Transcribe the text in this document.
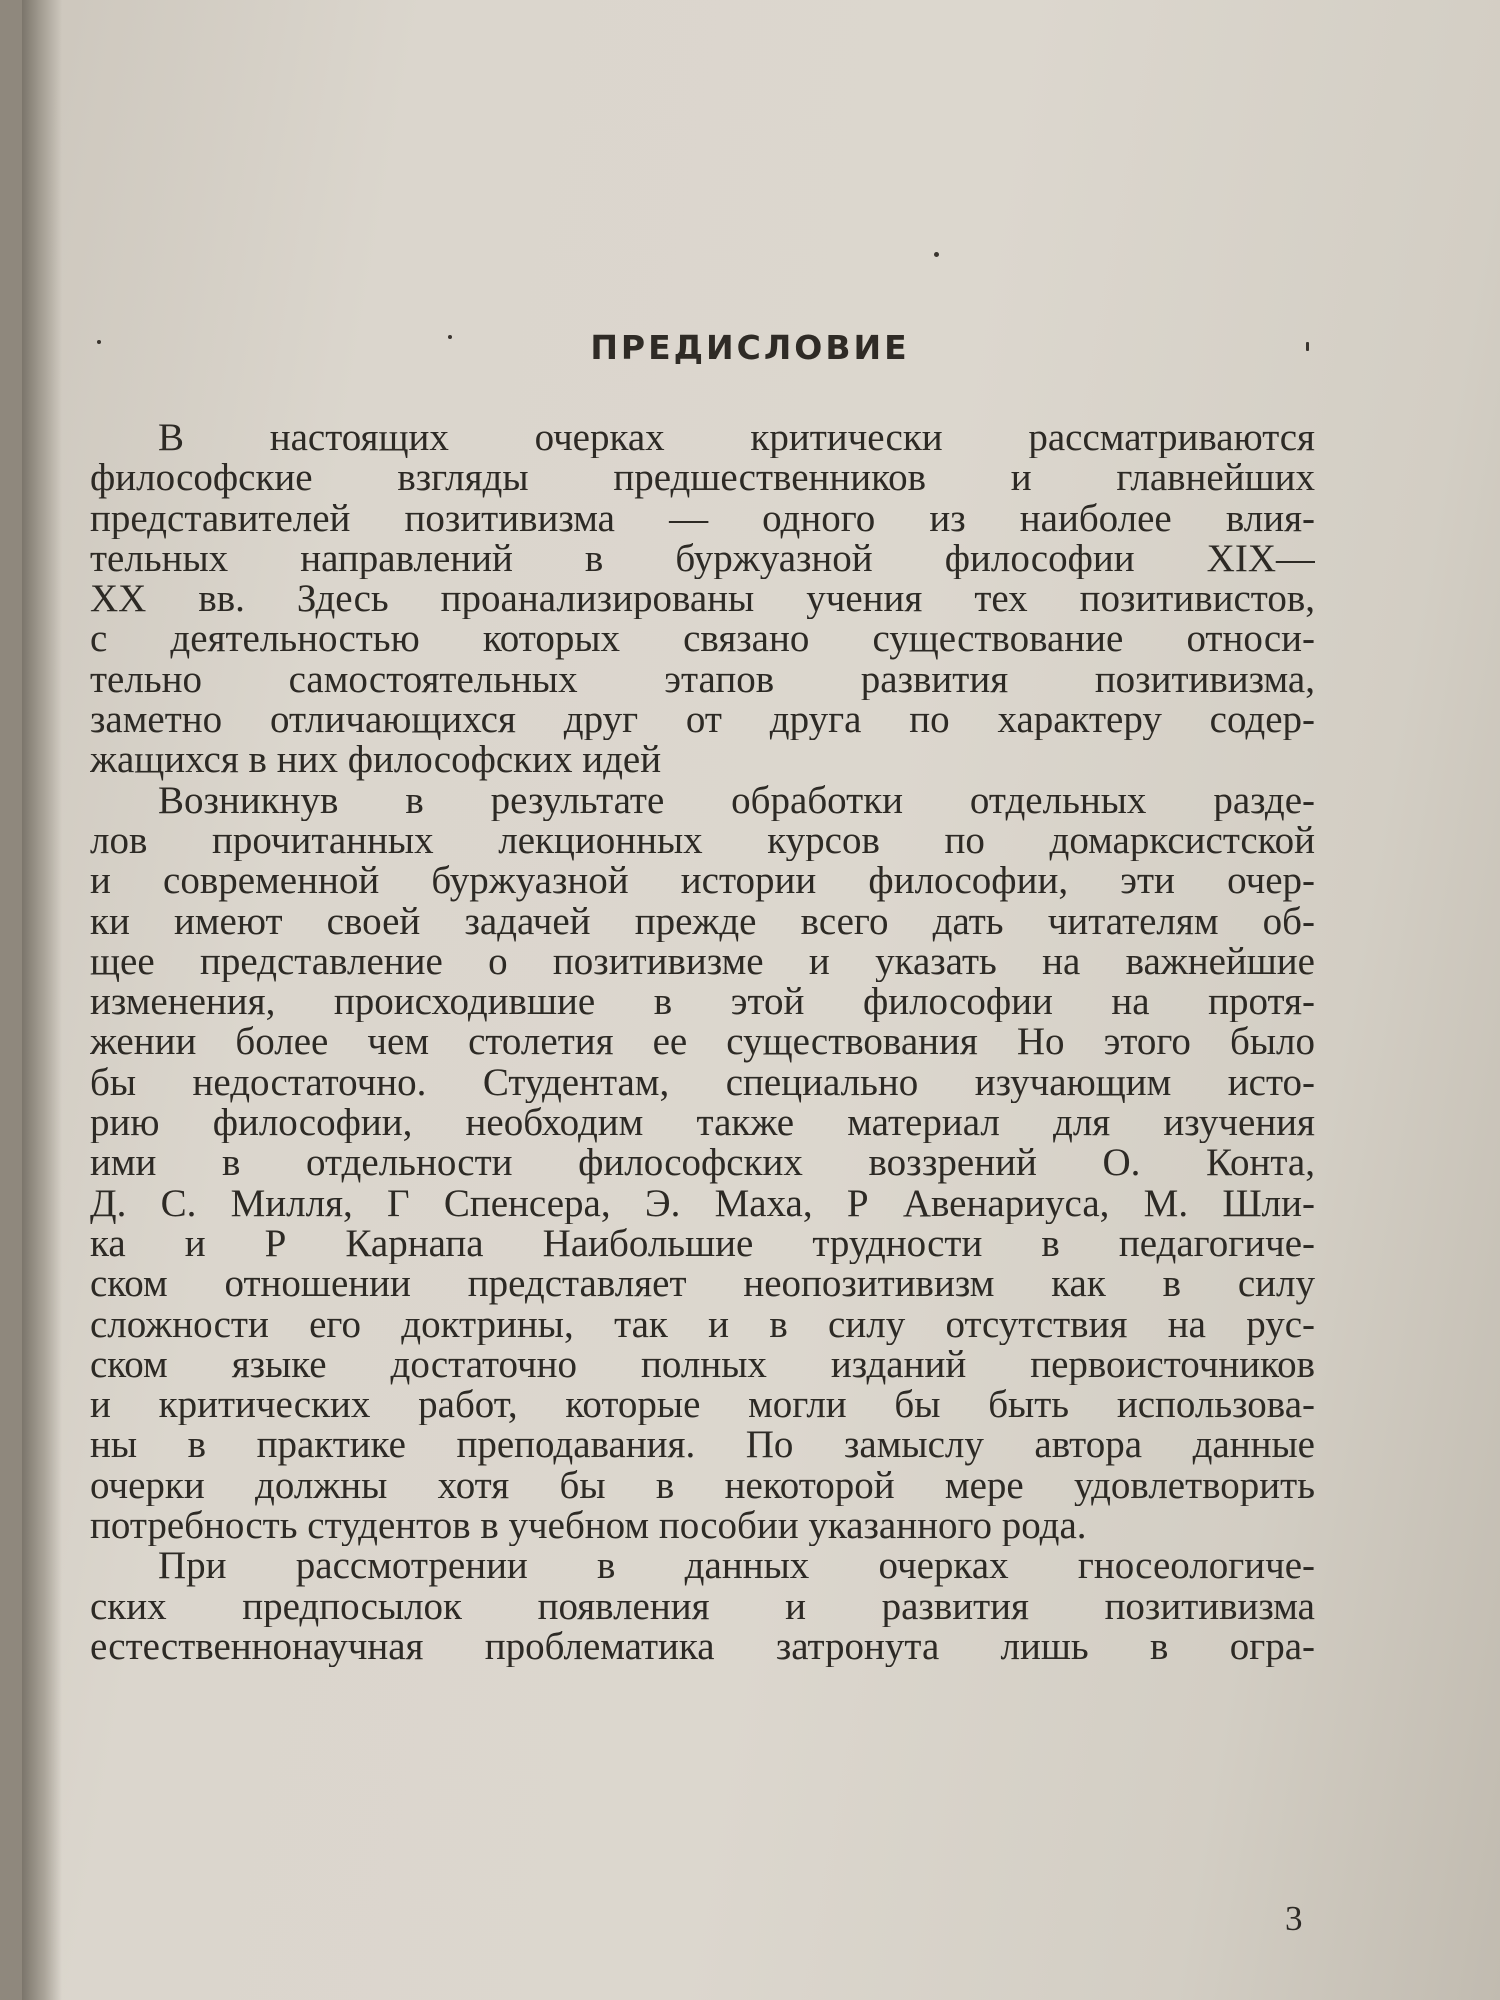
ПРЕДИСЛОВИЕ
В настоящих очерках критически рассматриваются
философские взгляды предшественников и главнейших
представителей позитивизма — одного из наиболее влия-
тельных направлений в буржуазной философии XIX—
XX вв. Здесь проанализированы учения тех позитивистов,
с деятельностью которых связано существование относи-
тельно самостоятельных этапов развития позитивизма,
заметно отличающихся друг от друга по характеру содер-
жащихся в них философских идей
Возникнув в результате обработки отдельных разде-
лов прочитанных лекционных курсов по домарксистской
и современной буржуазной истории философии, эти очер-
ки имеют своей задачей прежде всего дать читателям об-
щее представление о позитивизме и указать на важнейшие
изменения, происходившие в этой философии на протя-
жении более чем столетия ее существования Но этого было
бы недостаточно. Студентам, специально изучающим исто-
рию философии, необходим также материал для изучения
ими в отдельности философских воззрений О. Конта,
Д. С. Милля, Г Спенсера, Э. Маха, Р Авенариуса, М. Шли-
ка и Р Карнапа Наибольшие трудности в педагогиче-
ском отношении представляет неопозитивизм как в силу
сложности его доктрины, так и в силу отсутствия на рус-
ском языке достаточно полных изданий первоисточников
и критических работ, которые могли бы быть использова-
ны в практике преподавания. По замыслу автора данные
очерки должны хотя бы в некоторой мере удовлетворить
потребность студентов в учебном пособии указанного рода.
При рассмотрении в данных очерках гносеологиче-
ских предпосылок появления и развития позитивизма
естественнонаучная проблематика затронута лишь в огра-
3
